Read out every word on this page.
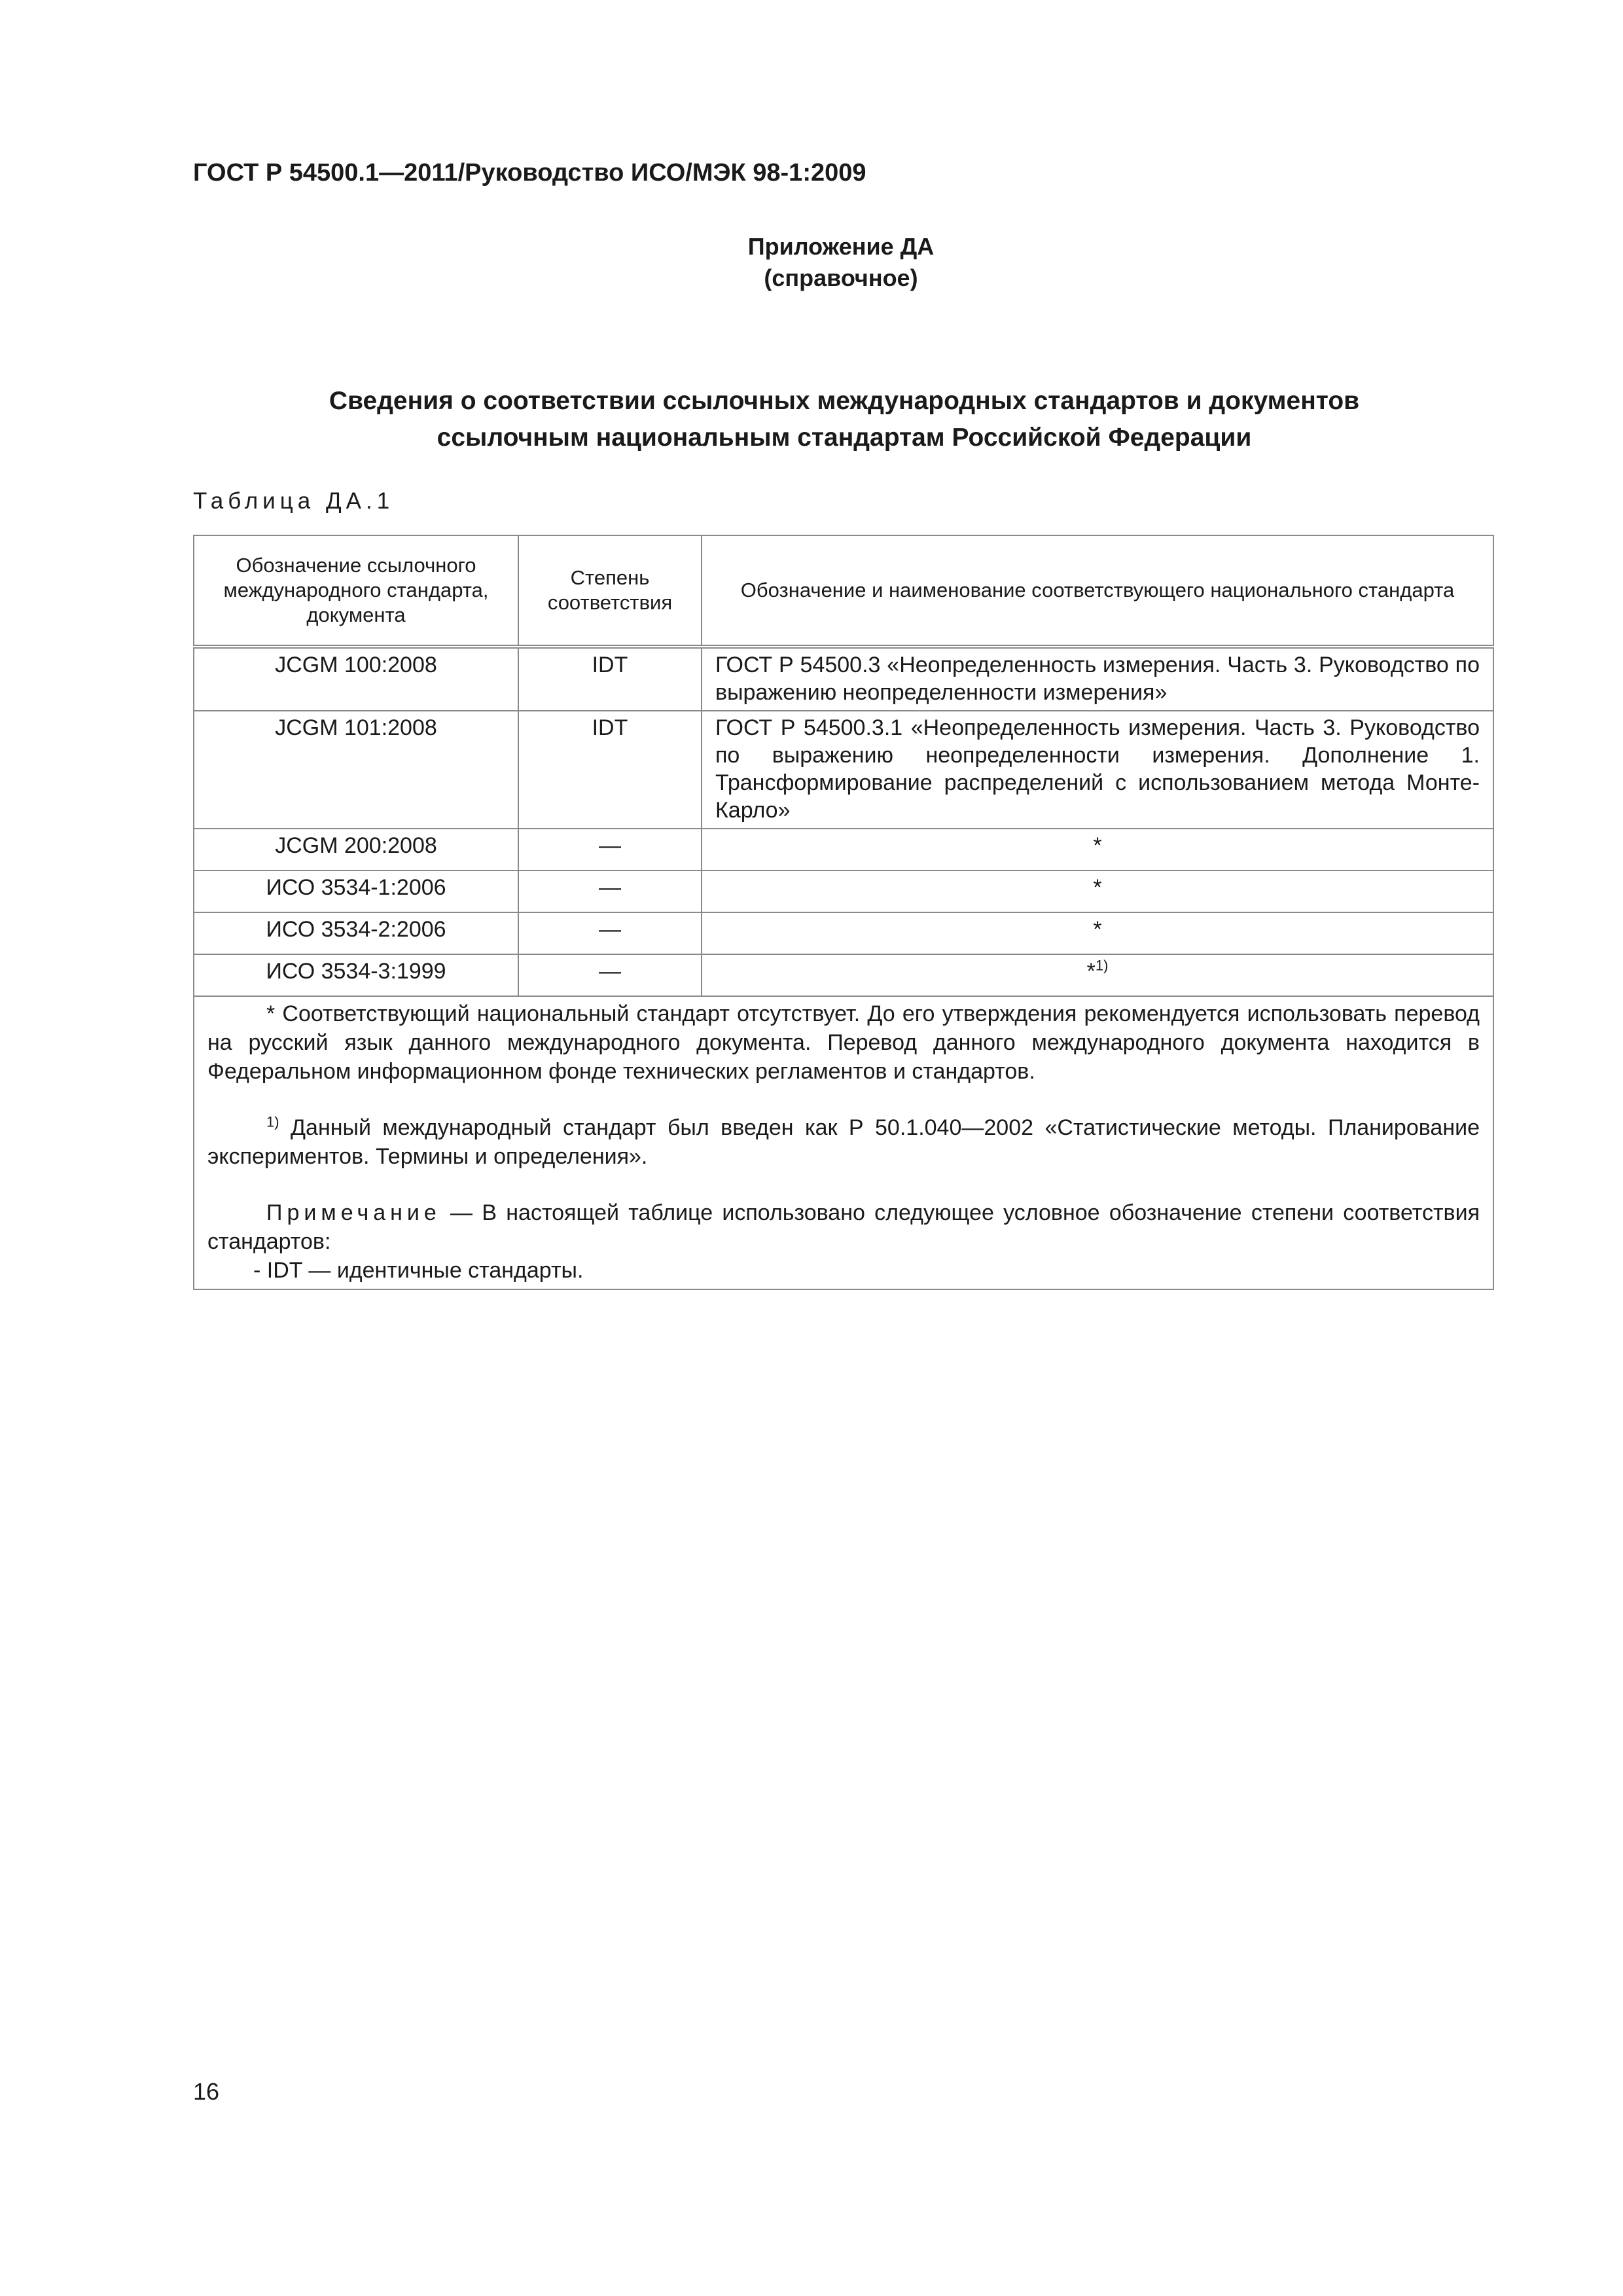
ГОСТ Р 54500.1—2011/Руководство ИСО/МЭК 98-1:2009
Приложение ДА
(справочное)
Сведения о соответствии ссылочных международных стандартов и документов
ссылочным национальным стандартам Российской Федерации
Таблица ДА.1
Обозначение ссылочного международного стандарта, документа	Степень соответствия	Обозначение и наименование соответствующего национального стандарта
JCGM 100:2008	IDT	ГОСТ Р 54500.3 «Неопределенность измерения. Часть 3. Руководство по выражению неопределенности измерения»
JCGM 101:2008	IDT	ГОСТ Р 54500.3.1 «Неопределенность измерения. Часть 3. Руководство по выражению неопределенности измерения. Дополнение 1. Трансформирование распределений с использованием метода Монте-Карло»
JCGM 200:2008	—	*
ИСО 3534-1:2006	—	*
ИСО 3534-2:2006	—	*
ИСО 3534-3:1999	—	*$^{1)}$

* Соответствующий национальный стандарт отсутствует. До его утверждения рекомендуется использовать перевод на русский язык данного международного документа. Перевод данного международного документа находится в Федеральном информационном фонде технических регламентов и стандартов.

$^{1)}$ Данный международный стандарт был введен как Р 50.1.040—2002 «Статистические методы. Планирование экспериментов. Термины и определения».

Примечание — В настоящей таблице использовано следующее условное обозначение степени соответствия стандартов:

- IDT — идентичные стандарты.		

16
